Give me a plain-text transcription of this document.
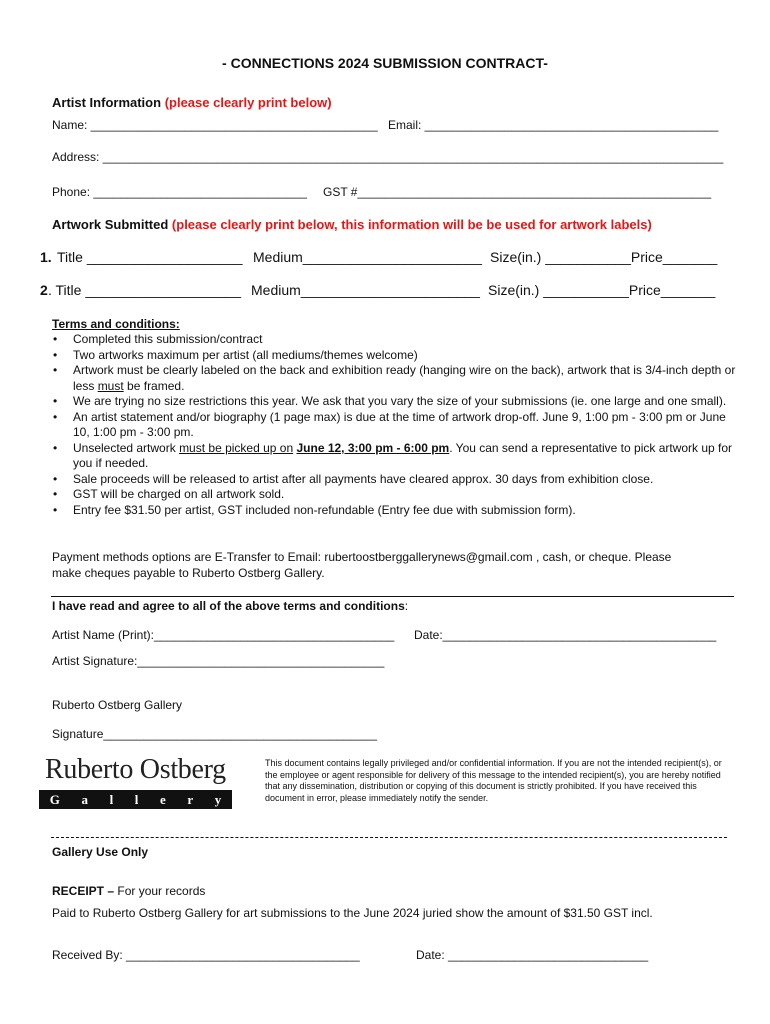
- CONNECTIONS 2024 SUBMISSION CONTRACT-
Artist Information (please clearly print below)
Name: ___________________________________________ Email: ____________________________________________
Address: _____________________________________________________________________________________________
Phone: ________________________________ GST #_____________________________________________________
Artwork Submitted (please clearly print below, this information will be be used for artwork labels)
1. Title ____________________ Medium_______________________ Size(in.) ___________Price_______
2 . Title ____________________ Medium_______________________ Size(in.) ___________Price_______
Terms and conditions:
• Completed this submission/contract
• Two artworks maximum per artist (all mediums/themes welcome)
• Artwork must be clearly labeled on the back and exhibition ready (hanging wire on the back), artwork that is 3/4-inch depth or less must be framed.
• We are trying no size restrictions this year. We ask that you vary the size of your submissions (ie. one large and one small).
• An artist statement and/or biography (1 page max) is due at the time of artwork drop-off. June 9, 1:00 pm - 3:00 pm or June 10, 1:00 pm - 3:00 pm.
• Unselected artwork must be picked up on June 12, 3:00 pm - 6:00 pm. You can send a representative to pick artwork up for you if needed.
• Sale proceeds will be released to artist after all payments have cleared approx. 30 days from exhibition close.
• GST will be charged on all artwork sold.
• Entry fee $31.50 per artist, GST included non-refundable (Entry fee due with submission form).
Payment methods options are E-Transfer to Email: rubertoostberggallerynews@gmail.com , cash, or cheque. Please
make cheques payable to Ruberto Ostberg Gallery.
I have read and agree to all of the above terms and conditions:
Artist Name (Print):____________________________________ Date:_________________________________________
Artist Signature:_____________________________________
Ruberto Ostberg Gallery
Signature_________________________________________
Ruberto Ostberg
G a l l e r y
This document contains legally privileged and/or confidential information. If you are not the intended recipient(s), or the employee or agent responsible for delivery of this message to the intended recipient(s), you are hereby notified that any dissemination, distribution or copying of this document is strictly prohibited. If you have received this document in error, please immediately notify the sender.
Gallery Use Only
RECEIPT – For your records
Paid to Ruberto Ostberg Gallery for art submissions to the June 2024 juried show the amount of $31.50 GST incl.
Received By: ___________________________________	Date: ______________________________
